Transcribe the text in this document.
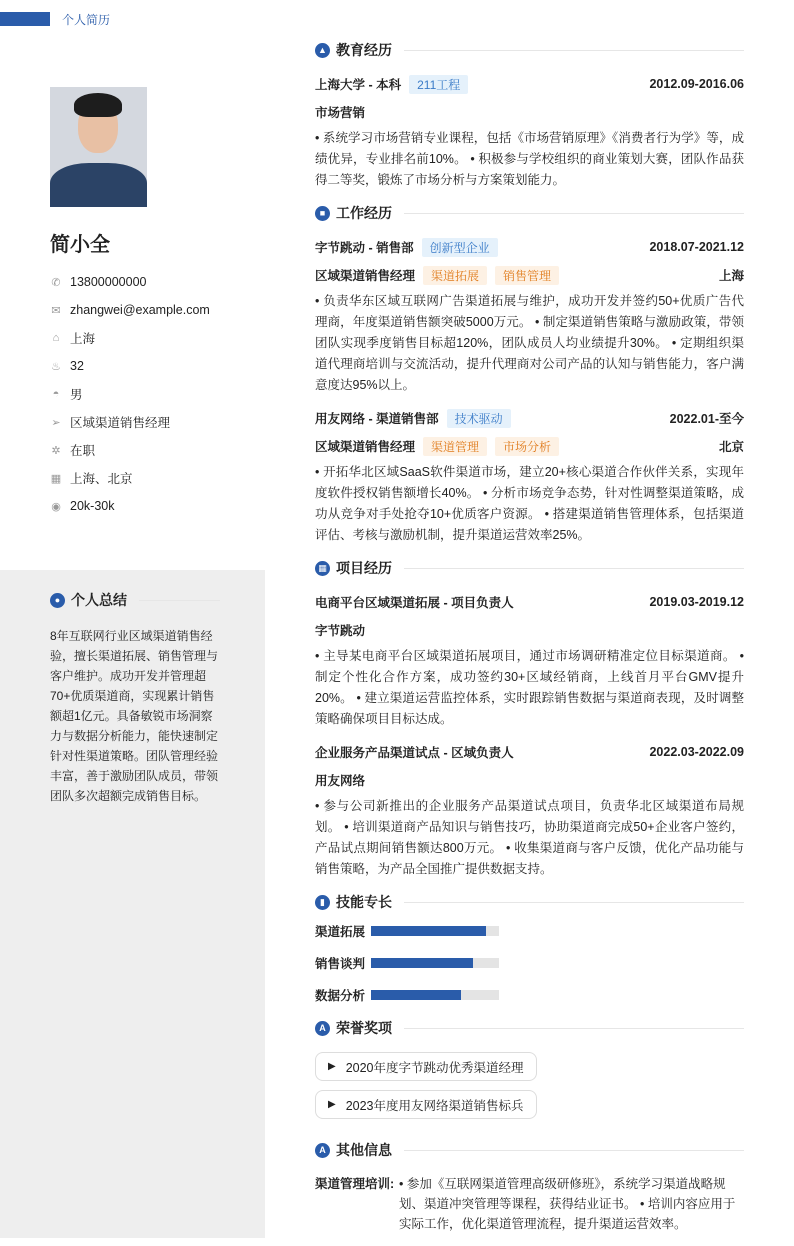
个人简历
简小全
✆ 13800000000
✉ zhangwei@example.com
⌂ 上海
♨ 32
◓ 男
➢ 区域渠道销售经理
✲ 在职
▦ 上海、北京
◉ 20k-30k
● 个人总结

8年互联网行业区域渠道销售经验，擅长渠道拓展、销售管理与客户维护。成功开发并管理超70+优质渠道商，实现累计销售额超1亿元。具备敏锐市场洞察力与数据分析能力，能快速制定针对性渠道策略。团队管理经验丰富，善于激励团队成员，带领团队多次超额完成销售目标。

▲ 教育经历
上海大学 - 本科	211工程	2012.09-2016.06
市场营销
• 系统学习市场营销专业课程，包括《市场营销原理》《消费者行为学》等，成绩优异，专业排名前10%。 • 积极参与学校组织的商业策划大赛，团队作品获得二等奖，锻炼了市场分析与方案策划能力。
■ 工作经历
字节跳动 - 销售部	创新型企业	2018.07-2021.12
区域渠道销售经理	渠道拓展	销售管理	上海
• 负责华东区域互联网广告渠道拓展与维护，成功开发并签约50+优质广告代理商，年度渠道销售额突破5000万元。 • 制定渠道销售策略与激励政策，带领团队实现季度销售目标超120%，团队成员人均业绩提升30%。 • 定期组织渠道代理商培训与交流活动，提升代理商对公司产品的认知与销售能力，客户满意度达95%以上。
用友网络 - 渠道销售部	技术驱动	2022.01-至今
区域渠道销售经理	渠道管理	市场分析	北京
• 开拓华北区域SaaS软件渠道市场，建立20+核心渠道合作伙伴关系，实现年度软件授权销售额增长40%。 • 分析市场竞争态势，针对性调整渠道策略，成功从竞争对手处抢夺10+优质客户资源。 • 搭建渠道销售管理体系，包括渠道评估、考核与激励机制，提升渠道运营效率25%。
▦ 项目经历
电商平台区域渠道拓展 - 项目负责人	2019.03-2019.12
字节跳动
• 主导某电商平台区域渠道拓展项目，通过市场调研精准定位目标渠道商。 • 制定个性化合作方案，成功签约30+区域经销商，上线首月平台GMV提升20%。 • 建立渠道运营监控体系，实时跟踪销售数据与渠道商表现，及时调整策略确保项目目标达成。
企业服务产品渠道试点 - 区域负责人	2022.03-2022.09
用友网络
• 参与公司新推出的企业服务产品渠道试点项目，负责华北区域渠道布局规划。 • 培训渠道商产品知识与销售技巧，协助渠道商完成50+企业客户签约，产品试点期间销售额达800万元。 • 收集渠道商与客户反馈，优化产品功能与销售策略，为产品全国推广提供数据支持。
▮ 技能专长
渠道拓展
销售谈判
数据分析
A 荣誉奖项
▶ 2020年度字节跳动优秀渠道经理
▶ 2023年度用友网络渠道销售标兵
A 其他信息
渠道管理培训: • 参加《互联网渠道管理高级研修班》，系统学习渠道战略规划、渠道冲突管理等课程，获得结业证书。 • 培训内容应用于实际工作，优化渠道管理流程，提升渠道运营效率。
